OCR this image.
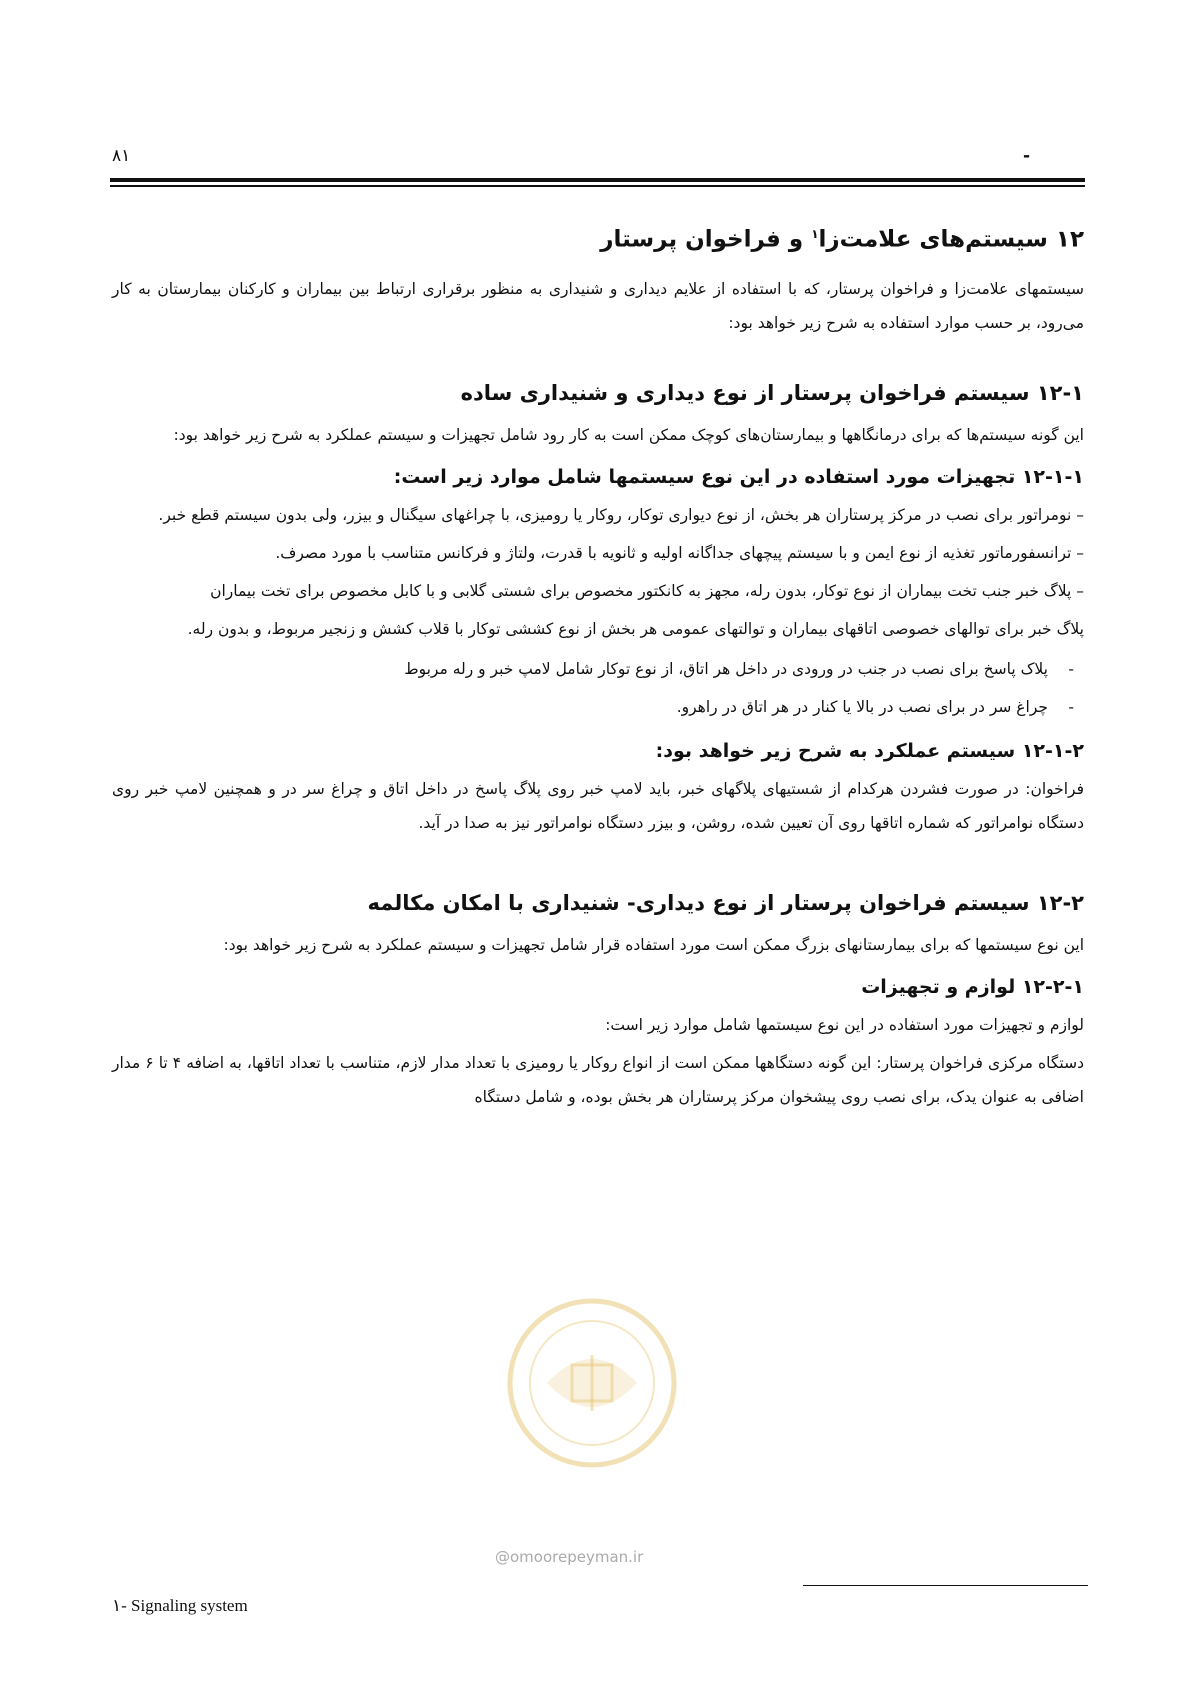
۸۱	-
۱۲ سیستم‌های علامت‌زا$^۱$ و فراخوان پرستار

سیستمهای علامت‌زا و فراخوان پرستار، که با استفاده از علایم دیداری و شنیداری به منظور برقراری ارتباط بین بیماران و کارکنان بیمارستان به کار می‌رود، بر حسب موارد استفاده به شرح زیر خواهد بود:

۱۲-۱ سیستم فراخوان پرستار از نوع دیداری و شنیداری ساده

این گونه سیستم‌ها که برای درمانگاهها و بیمارستان‌های کوچک ممکن است به کار رود شامل تجهیزات و سیستم عملکرد به شرح زیر خواهد بود:

۱۲-۱-۱ تجهیزات مورد استفاده در این نوع سیستمها شامل موارد زیر است:

– نومراتور برای نصب در مرکز پرستاران هر بخش، از نوع دیواری توکار، روکار یا رومیزی، با چراغهای سیگنال و بیزر، ولی بدون سیستم قطع خبر.

– ترانسفورماتور تغذیه از نوع ایمن و با سیستم پیچهای جداگانه اولیه و ثانویه با قدرت، ولتاژ و فرکانس متناسب با مورد مصرف.

– پلاگ خبر جنب تخت بیماران از نوع توکار، بدون رله، مجهز به کانکتور مخصوص برای شستی گلابی و با کابل مخصوص برای تخت بیماران

پلاگ خبر برای توالهای خصوصی اتاقهای بیماران و توالتهای عمومی هر بخش از نوع کششی توکار با قلاب کشش و زنجیر مربوط، و بدون رله.

-پلاک پاسخ برای نصب در جنب در ورودی در داخل هر اتاق، از نوع توکار شامل لامپ خبر و رله مربوط
-چراغ سر در برای نصب در بالا یا کنار در هر اتاق در راهرو.
۱۲-۱-۲ سیستم عملکرد به شرح زیر خواهد بود:

فراخوان: در صورت فشردن هرکدام از شستیهای پلاگهای خبر، باید لامپ خبر روی پلاگ پاسخ در داخل اتاق و چراغ سر در و همچنین لامپ خبر روی دستگاه نوامراتور که شماره اتاقها روی آن تعیین شده، روشن، و بیزر دستگاه نوامراتور نیز به صدا در آید.

۱۲-۲ سیستم فراخوان پرستار از نوع دیداری- شنیداری با امکان مکالمه

این نوع سیستمها که برای بیمارستانهای بزرگ ممکن است مورد استفاده قرار شامل تجهیزات و سیستم عملکرد به شرح زیر خواهد بود:

۱۲-۲-۱ لوازم و تجهیزات

لوازم و تجهیزات مورد استفاده در این نوع سیستمها شامل موارد زیر است:

دستگاه مرکزی فراخوان پرستار: این گونه دستگاهها ممکن است از انواع روکار یا رومیزی با تعداد مدار لازم، متناسب با تعداد اتاقها، به اضافه ۴ تا ۶ مدار اضافی به عنوان یدک، برای نصب روی پیشخوان مرکز پرستاران هر بخش بوده، و شامل دستگاه

@omoorepeyman.ir
۱- Signaling system
